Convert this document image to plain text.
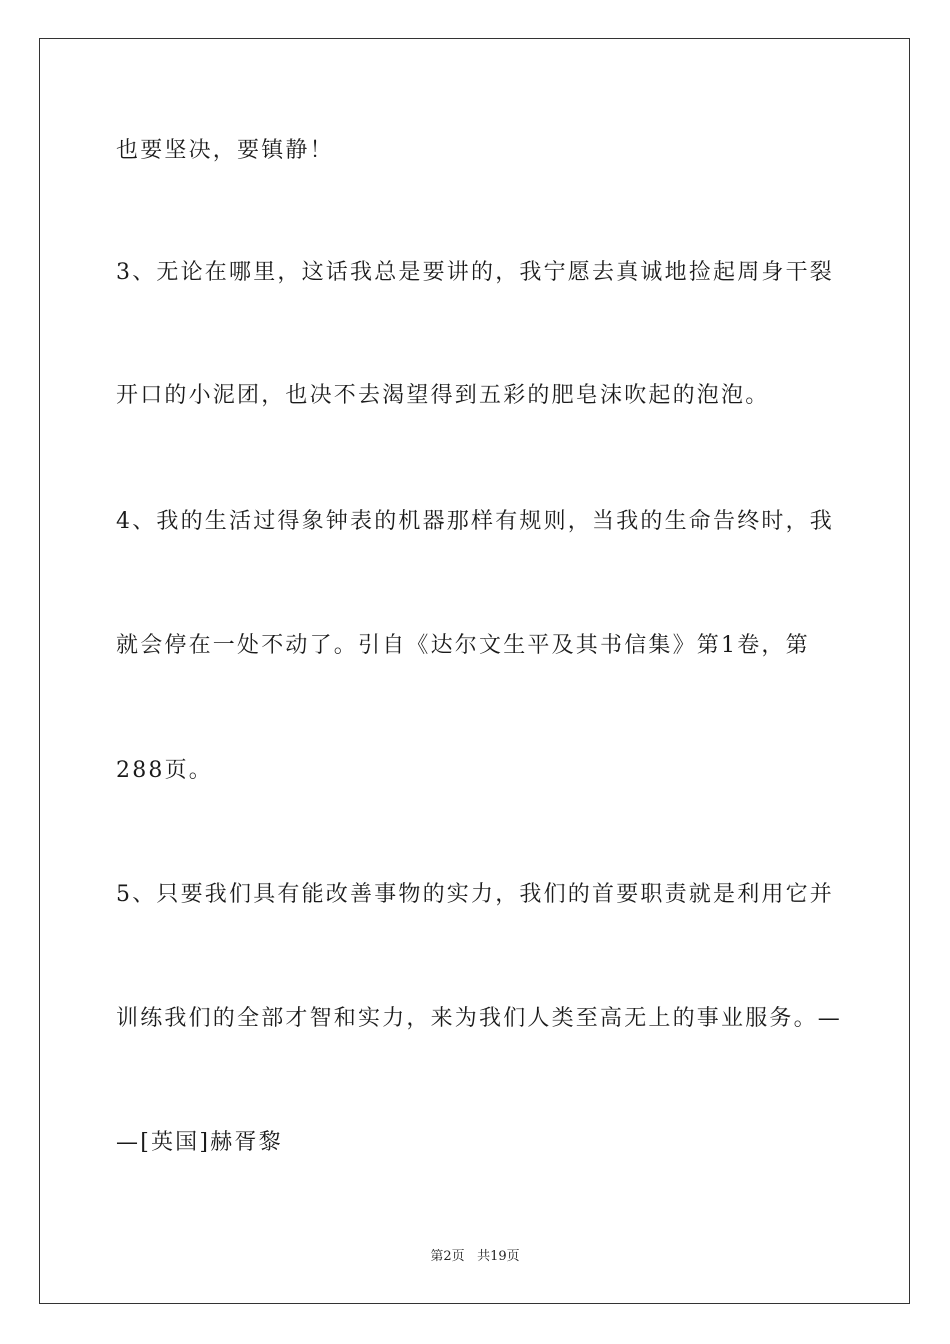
也要坚决，要镇静！
3、无论在哪里，这话我总是要讲的，我宁愿去真诚地捡起周身干裂
开口的小泥团，也决不去渴望得到五彩的肥皂沫吹起的泡泡。
4、我的生活过得象钟表的机器那样有规则，当我的生命告终时，我
就会停在一处不动了。引自《达尔文生平及其书信集》第1卷，第
288页。
5、只要我们具有能改善事物的实力，我们的首要职责就是利用它并
训练我们的全部才智和实力，来为我们人类至高无上的事业服务。—
—[英国]赫胥黎
第2页 共19页
